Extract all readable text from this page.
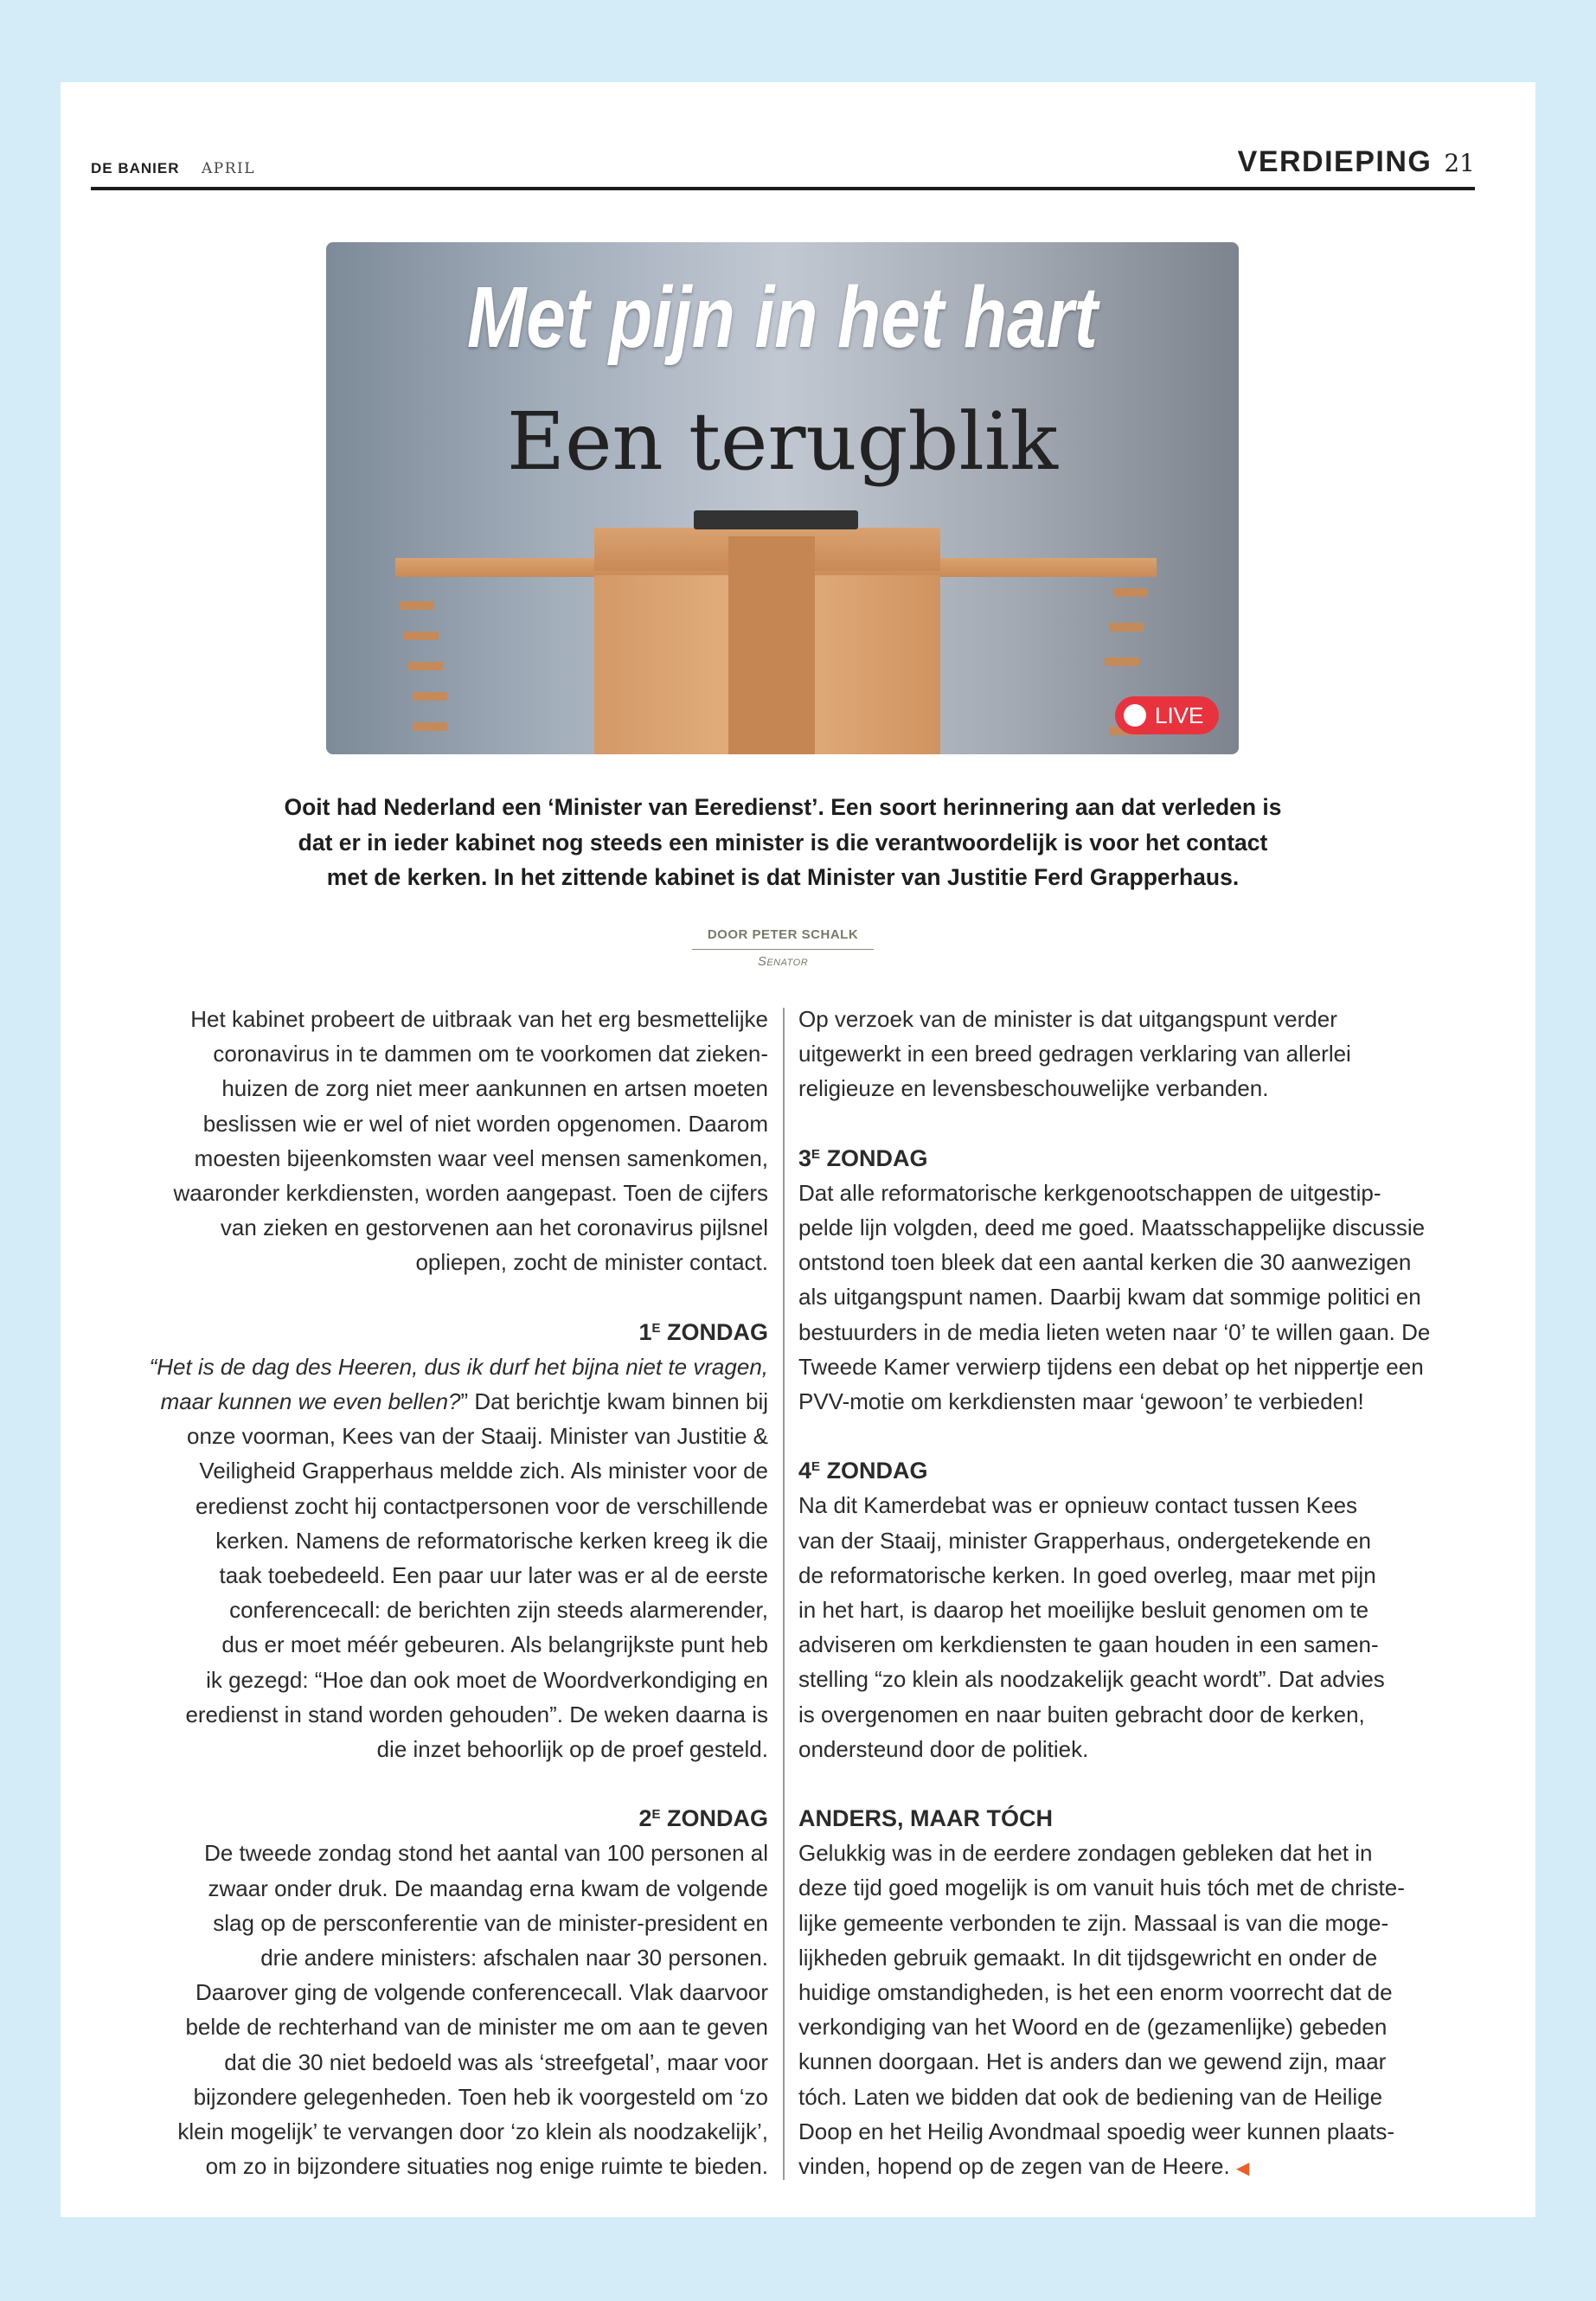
DE BANIER APRIL	VERDIEPING 21
Met pijn in het hart
Een terugblik
LIVE
Ooit had Nederland een ‘Minister van Eeredienst’. Een soort herinnering aan dat verleden is
dat er in ieder kabinet nog steeds een minister is die verantwoordelijk is voor het contact
met de kerken. In het zittende kabinet is dat Minister van Justitie Ferd Grapperhaus.
DOOR PETER SCHALK
Senator
Het kabinet probeert de uitbraak van het erg besmettelijke
coronavirus in te dammen om te voorkomen dat zieken-
huizen de zorg niet meer aankunnen en artsen moeten
beslissen wie er wel of niet worden opgenomen. Daarom
moesten bijeenkomsten waar veel mensen samenkomen,
waaronder kerkdiensten, worden aangepast. Toen de cijfers
van zieken en gestorvenen aan het coronavirus pijlsnel
opliepen, zocht de minister contact.
$1^E$ ZONDAG
“Het is de dag des Heeren, dus ik durf het bijna niet te vragen,
maar kunnen we even bellen?” Dat berichtje kwam binnen bij
onze voorman, Kees van der Staaij. Minister van Justitie &
Veiligheid Grapperhaus meldde zich. Als minister voor de
eredienst zocht hij contactpersonen voor de verschillende
kerken. Namens de reformatorische kerken kreeg ik die
taak toebedeeld. Een paar uur later was er al de eerste
conferencecall: de berichten zijn steeds alarmerender,
dus er moet méér gebeuren. Als belangrijkste punt heb
ik gezegd: “Hoe dan ook moet de Woordverkondiging en
eredienst in stand worden gehouden”. De weken daarna is
die inzet behoorlijk op de proef gesteld.
$2^E$ ZONDAG
De tweede zondag stond het aantal van 100 personen al
zwaar onder druk. De maandag erna kwam de volgende
slag op de persconferentie van de minister-president en
drie andere ministers: afschalen naar 30 personen.
Daarover ging de volgende conferencecall. Vlak daarvoor
belde de rechterhand van de minister me om aan te geven
dat die 30 niet bedoeld was als ‘streefgetal’, maar voor
bijzondere gelegenheden. Toen heb ik voorgesteld om ‘zo
klein mogelijk’ te vervangen door ‘zo klein als noodzakelijk’,
om zo in bijzondere situaties nog enige ruimte te bieden.
Op verzoek van de minister is dat uitgangspunt verder
uitgewerkt in een breed gedragen verklaring van allerlei
religieuze en levensbeschouwelijke verbanden.
$3^E$ ZONDAG
Dat alle reformatorische kerkgenootschappen de uitgestip-
pelde lijn volgden, deed me goed. Maatsschappelijke discussie
ontstond toen bleek dat een aantal kerken die 30 aanwezigen
als uitgangspunt namen. Daarbij kwam dat sommige politici en
bestuurders in de media lieten weten naar ‘0’ te willen gaan. De
Tweede Kamer verwierp tijdens een debat op het nippertje een
PVV-motie om kerkdiensten maar ‘gewoon’ te verbieden!
$4^E$ ZONDAG
Na dit Kamerdebat was er opnieuw contact tussen Kees
van der Staaij, minister Grapperhaus, ondergetekende en
de reformatorische kerken. In goed overleg, maar met pijn
in het hart, is daarop het moeilijke besluit genomen om te
adviseren om kerkdiensten te gaan houden in een samen-
stelling “zo klein als noodzakelijk geacht wordt”. Dat advies
is overgenomen en naar buiten gebracht door de kerken,
ondersteund door de politiek.
ANDERS, MAAR TÓCH
Gelukkig was in de eerdere zondagen gebleken dat het in
deze tijd goed mogelijk is om vanuit huis tóch met de christe-
lijke gemeente verbonden te zijn. Massaal is van die moge-
lijkheden gebruik gemaakt. In dit tijdsgewricht en onder de
huidige omstandigheden, is het een enorm voorrecht dat de
verkondiging van het Woord en de (gezamenlijke) gebeden
kunnen doorgaan. Het is anders dan we gewend zijn, maar
tóch. Laten we bidden dat ook de bediening van de Heilige
Doop en het Heilig Avondmaal spoedig weer kunnen plaats-
vinden, hopend op de zegen van de Heere. ◀
